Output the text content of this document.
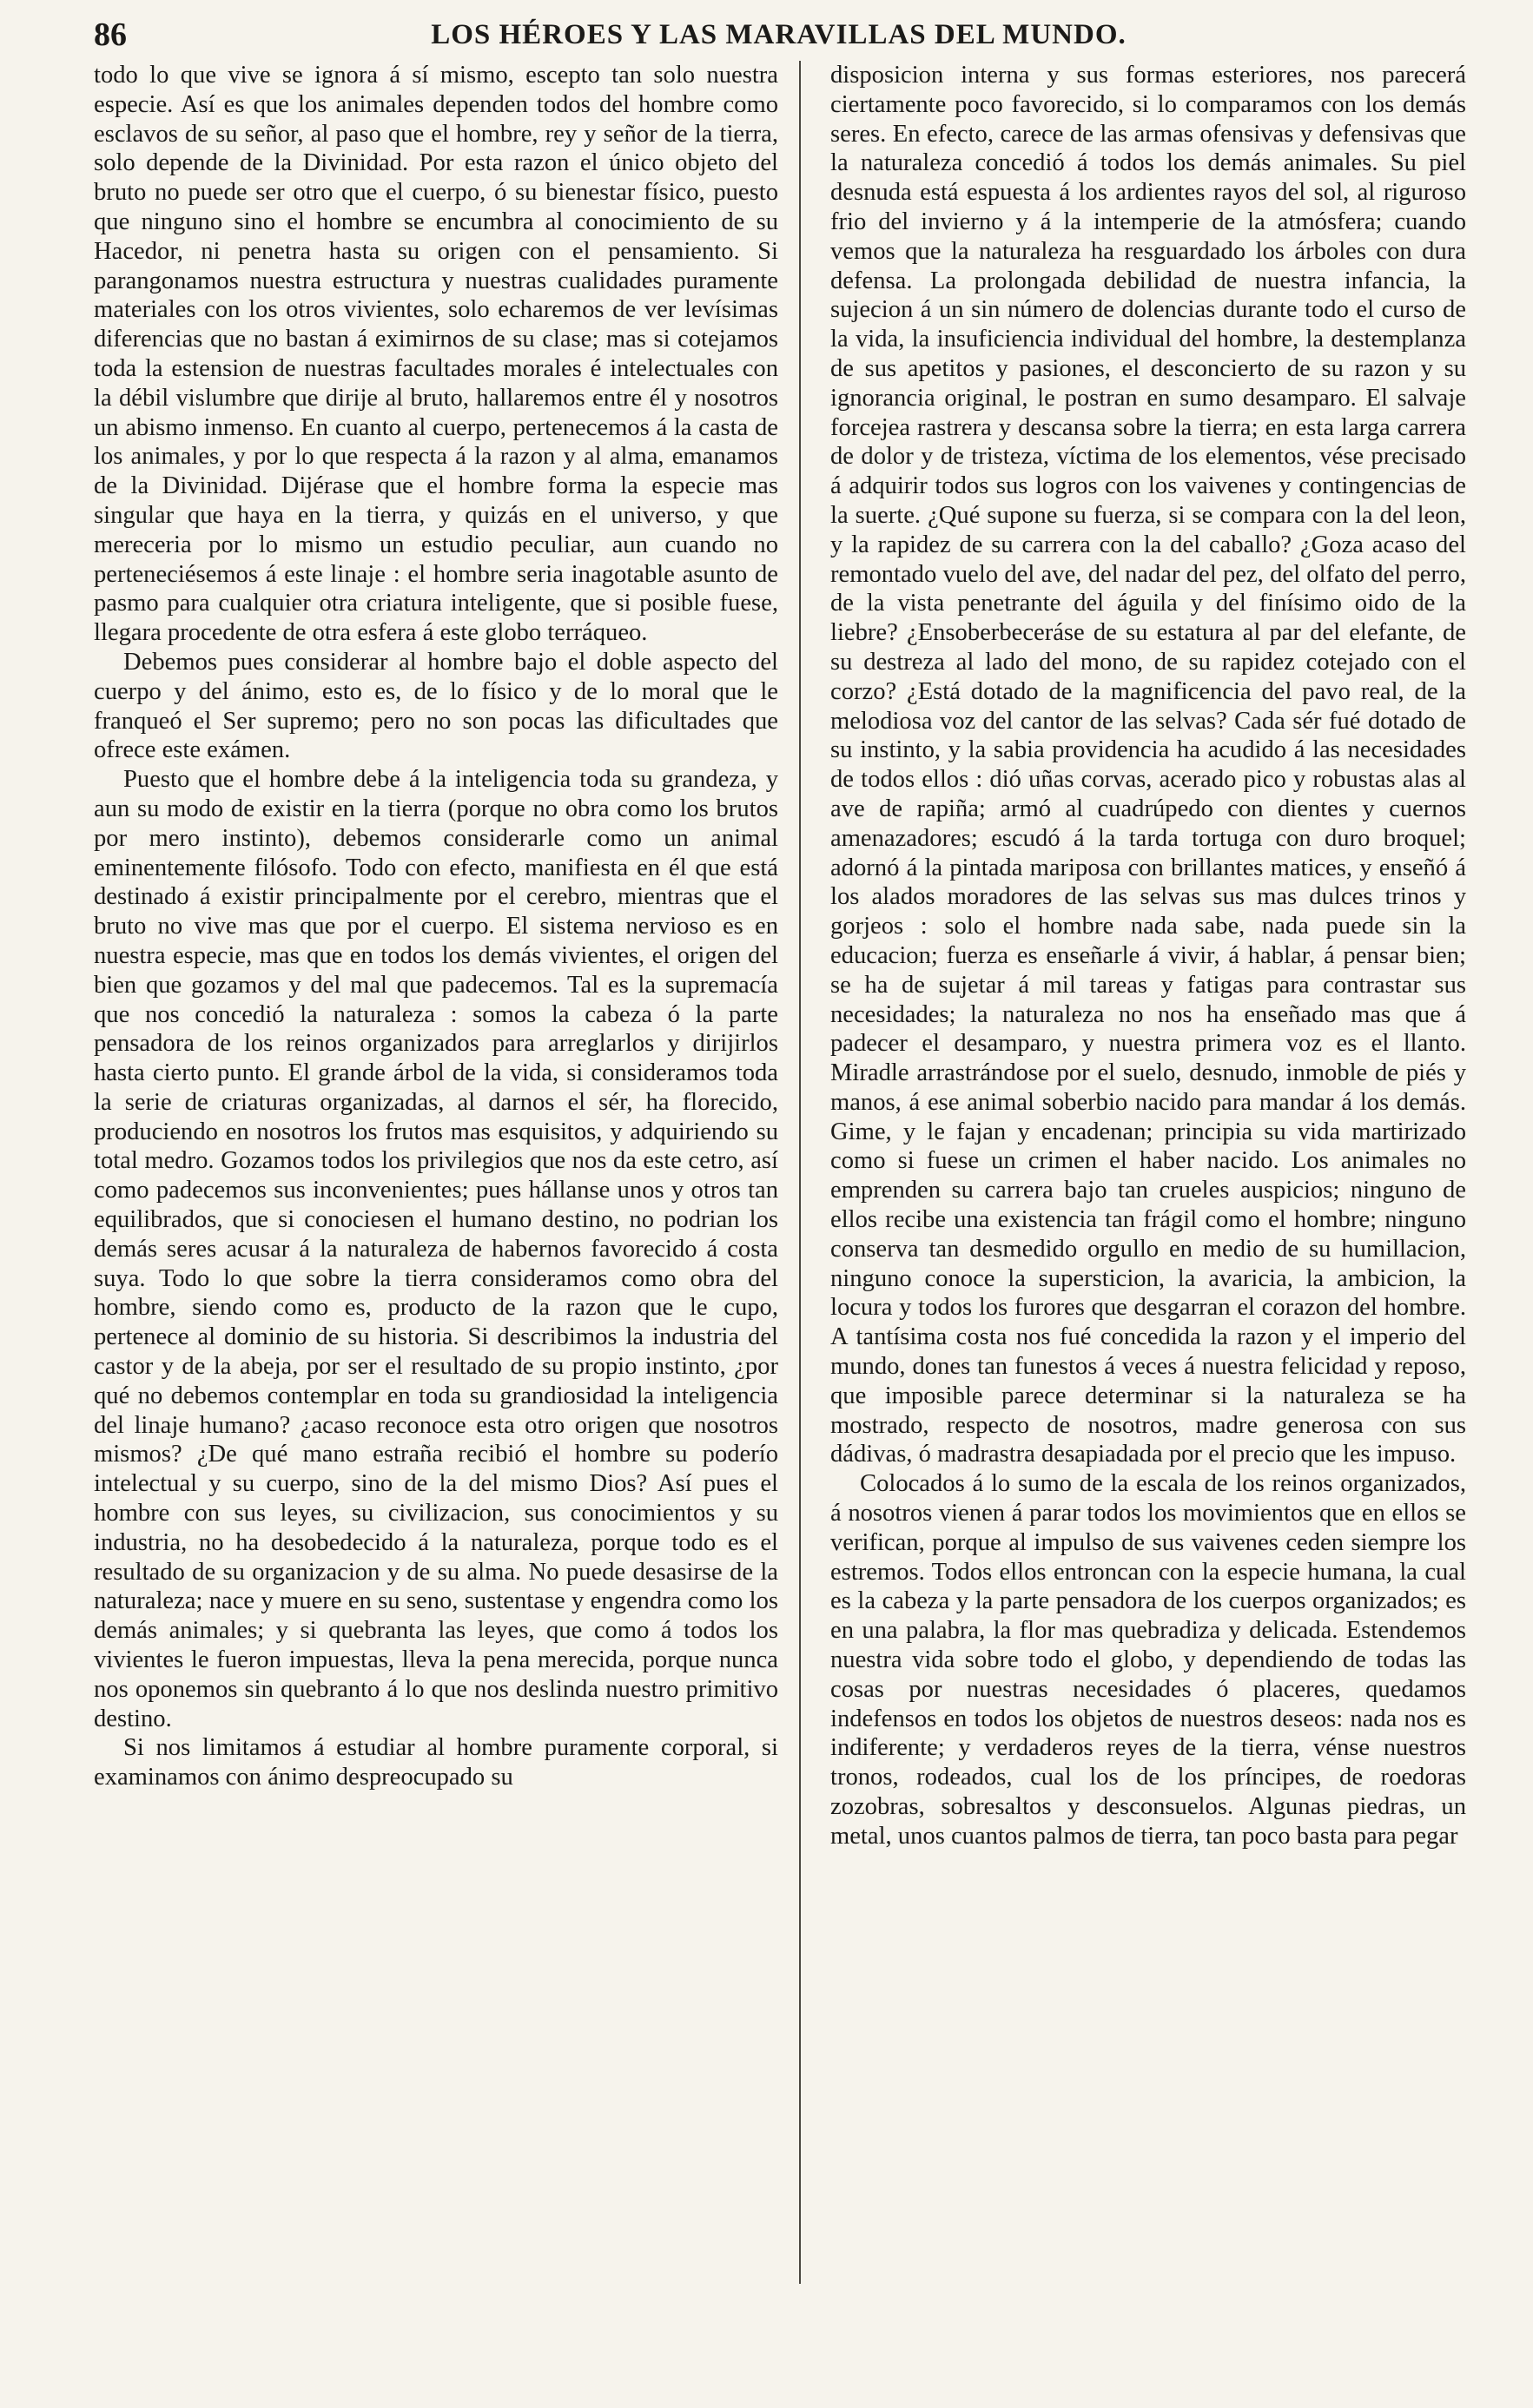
86	LOS HÉROES Y LAS MARAVILLAS DEL MUNDO.

todo lo que vive se ignora á sí mismo, escepto tan solo nuestra especie. Así es que los animales dependen todos del hombre como esclavos de su señor, al paso que el hombre, rey y señor de la tierra, solo depende de la Divinidad. Por esta razon el único objeto del bruto no puede ser otro que el cuerpo, ó su bienestar físico, puesto que ninguno sino el hombre se encumbra al conocimiento de su Hacedor, ni penetra hasta su origen con el pensamiento. Si parangonamos nuestra estructura y nuestras cualidades puramente materiales con los otros vivientes, solo echaremos de ver levísimas diferencias que no bastan á eximirnos de su clase; mas si cotejamos toda la estension de nuestras facultades morales é intelectuales con la débil vislumbre que dirije al bruto, hallaremos entre él y nosotros un abismo inmenso. En cuanto al cuerpo, pertenecemos á la casta de los animales, y por lo que respecta á la razon y al alma, emanamos de la Divinidad. Dijérase que el hombre forma la especie mas singular que haya en la tierra, y quizás en el universo, y que mereceria por lo mismo un estudio peculiar, aun cuando no perteneciésemos á este linaje : el hombre seria inagotable asunto de pasmo para cualquier otra criatura inteligente, que si posible fuese, llegara procedente de otra esfera á este globo terráqueo.

Debemos pues considerar al hombre bajo el doble aspecto del cuerpo y del ánimo, esto es, de lo físico y de lo moral que le franqueó el Ser supremo; pero no son pocas las dificultades que ofrece este exámen.

Puesto que el hombre debe á la inteligencia toda su grandeza, y aun su modo de existir en la tierra (porque no obra como los brutos por mero instinto), debemos considerarle como un animal eminentemente filósofo. Todo con efecto, manifiesta en él que está destinado á existir principalmente por el cerebro, mientras que el bruto no vive mas que por el cuerpo. El sistema nervioso es en nuestra especie, mas que en todos los demás vivientes, el origen del bien que gozamos y del mal que padecemos. Tal es la supremacía que nos concedió la naturaleza : somos la cabeza ó la parte pensadora de los reinos organizados para arreglarlos y dirijirlos hasta cierto punto. El grande árbol de la vida, si consideramos toda la serie de criaturas organizadas, al darnos el sér, ha florecido, produciendo en nosotros los frutos mas esquisitos, y adquiriendo su total medro. Gozamos todos los privilegios que nos da este cetro, así como padecemos sus inconvenientes; pues hállanse unos y otros tan equilibrados, que si conociesen el humano destino, no podrian los demás seres acusar á la naturaleza de habernos favorecido á costa suya. Todo lo que sobre la tierra consideramos como obra del hombre, siendo como es, producto de la razon que le cupo, pertenece al dominio de su historia. Si describimos la industria del castor y de la abeja, por ser el resultado de su propio instinto, ¿por qué no debemos contemplar en toda su grandiosidad la inteligencia del linaje humano? ¿acaso reconoce esta otro origen que nosotros mismos? ¿De qué mano estraña recibió el hombre su poderío intelectual y su cuerpo, sino de la del mismo Dios? Así pues el hombre con sus leyes, su civilizacion, sus conocimientos y su industria, no ha desobedecido á la naturaleza, porque todo es el resultado de su organizacion y de su alma. No puede desasirse de la naturaleza; nace y muere en su seno, sustentase y engendra como los demás animales; y si quebranta las leyes, que como á todos los vivientes le fueron impuestas, lleva la pena merecida, porque nunca nos oponemos sin quebranto á lo que nos deslinda nuestro primitivo destino.

Si nos limitamos á estudiar al hombre puramente corporal, si examinamos con ánimo despreocupado su

disposicion interna y sus formas esteriores, nos parecerá ciertamente poco favorecido, si lo comparamos con los demás seres. En efecto, carece de las armas ofensivas y defensivas que la naturaleza concedió á todos los demás animales. Su piel desnuda está espuesta á los ardientes rayos del sol, al riguroso frio del invierno y á la intemperie de la atmósfera; cuando vemos que la naturaleza ha resguardado los árboles con dura defensa. La prolongada debilidad de nuestra infancia, la sujecion á un sin número de dolencias durante todo el curso de la vida, la insuficiencia individual del hombre, la destemplanza de sus apetitos y pasiones, el desconcierto de su razon y su ignorancia original, le postran en sumo desamparo. El salvaje forcejea rastrera y descansa sobre la tierra; en esta larga carrera de dolor y de tristeza, víctima de los elementos, vése precisado á adquirir todos sus logros con los vaivenes y contingencias de la suerte. ¿Qué supone su fuerza, si se compara con la del leon, y la rapidez de su carrera con la del caballo? ¿Goza acaso del remontado vuelo del ave, del nadar del pez, del olfato del perro, de la vista penetrante del águila y del finísimo oido de la liebre? ¿Ensoberbeceráse de su estatura al par del elefante, de su destreza al lado del mono, de su rapidez cotejado con el corzo? ¿Está dotado de la magnificencia del pavo real, de la melodiosa voz del cantor de las selvas? Cada sér fué dotado de su instinto, y la sabia providencia ha acudido á las necesidades de todos ellos : dió uñas corvas, acerado pico y robustas alas al ave de rapiña; armó al cuadrúpedo con dientes y cuernos amenazadores; escudó á la tarda tortuga con duro broquel; adornó á la pintada mariposa con brillantes matices, y enseñó á los alados moradores de las selvas sus mas dulces trinos y gorjeos : solo el hombre nada sabe, nada puede sin la educacion; fuerza es enseñarle á vivir, á hablar, á pensar bien; se ha de sujetar á mil tareas y fatigas para contrastar sus necesidades; la naturaleza no nos ha enseñado mas que á padecer el desamparo, y nuestra primera voz es el llanto. Miradle arrastrándose por el suelo, desnudo, inmoble de piés y manos, á ese animal soberbio nacido para mandar á los demás. Gime, y le fajan y encadenan; principia su vida martirizado como si fuese un crimen el haber nacido. Los animales no emprenden su carrera bajo tan crueles auspicios; ninguno de ellos recibe una existencia tan frágil como el hombre; ninguno conserva tan desmedido orgullo en medio de su humillacion, ninguno conoce la supersticion, la avaricia, la ambicion, la locura y todos los furores que desgarran el corazon del hombre. A tantísima costa nos fué concedida la razon y el imperio del mundo, dones tan funestos á veces á nuestra felicidad y reposo, que imposible parece determinar si la naturaleza se ha mostrado, respecto de nosotros, madre generosa con sus dádivas, ó madrastra desapiadada por el precio que les impuso.

Colocados á lo sumo de la escala de los reinos organizados, á nosotros vienen á parar todos los movimientos que en ellos se verifican, porque al impulso de sus vaivenes ceden siempre los estremos. Todos ellos entroncan con la especie humana, la cual es la cabeza y la parte pensadora de los cuerpos organizados; es en una palabra, la flor mas quebradiza y delicada. Estendemos nuestra vida sobre todo el globo, y dependiendo de todas las cosas por nuestras necesidades ó placeres, quedamos indefensos en todos los objetos de nuestros deseos: nada nos es indiferente; y verdaderos reyes de la tierra, vénse nuestros tronos, rodeados, cual los de los príncipes, de roedoras zozobras, sobresaltos y desconsuelos. Algunas piedras, un metal, unos cuantos palmos de tierra, tan poco basta para pegar
